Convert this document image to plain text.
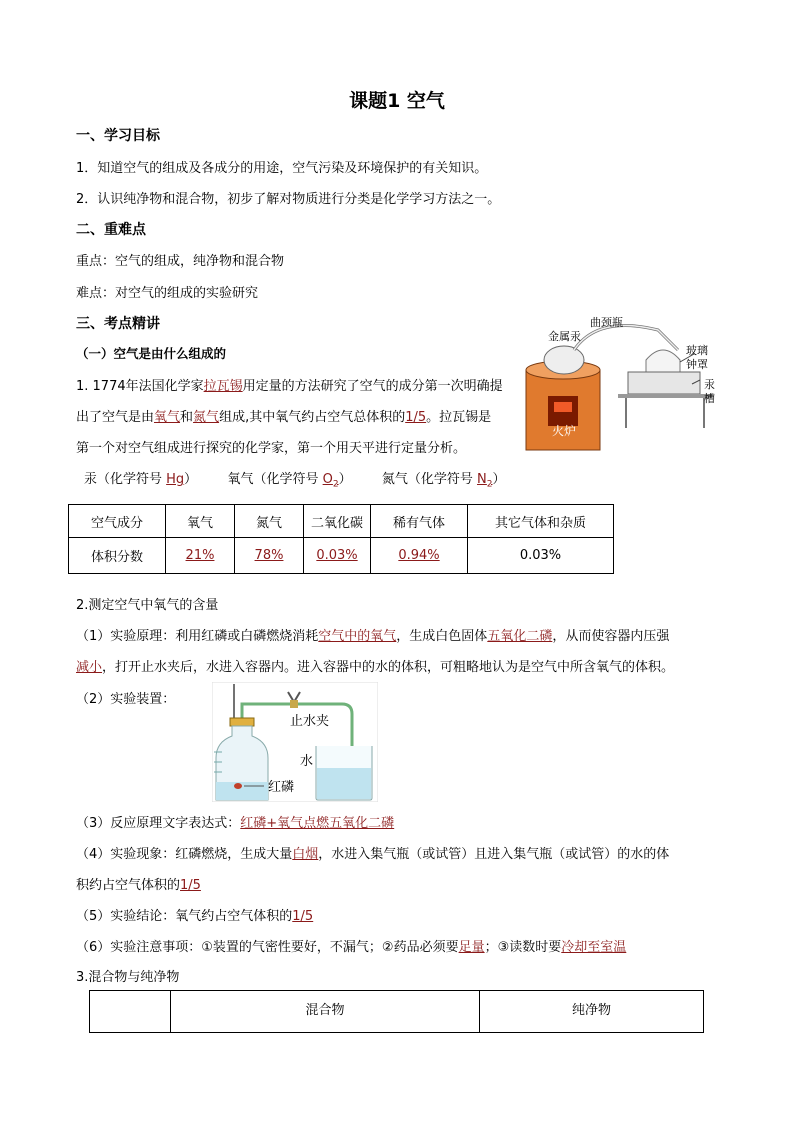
课题1 空气
一、学习目标
1．知道空气的组成及各成分的用途，空气污染及环境保护的有关知识。
2．认识纯净物和混合物，初步了解对物质进行分类是化学学习方法之一。
二、重难点
重点：空气的组成，纯净物和混合物
难点：对空气的组成的实验研究
三、考点精讲
（一）空气是由什么组成的
金属汞
曲颈瓶
玻璃
钟罩
汞
槽
火炉
1. 1774年法国化学家拉瓦锡用定量的方法研究了空气的成分第一次明确提
出了空气是由氧气和氮气组成,其中氧气约占空气总体积的1/5。拉瓦锡是
第一个对空气组成进行探究的化学家，第一个用天平进行定量分析。
汞（化学符号 Hg） 氧气（化学符号 $O_2$） 氮气（化学符号 $N_2$）
空气成分	氧气	氮气	二氧化碳	稀有气体	其它气体和杂质
体积分数	21%	78%	0.03%	0.94%	0.03%
2.测定空气中氧气的含量
（1）实验原理：利用红磷或白磷燃烧消耗空气中的氧气，生成白色固体五氧化二磷，从而使容器内压强
减小，打开止水夹后，水进入容器内。进入容器中的水的体积，可粗略地认为是空气中所含氧气的体积。
（2）实验装置：
止水夹
水
红磷
（3）反应原理文字表达式：红磷+氧气点燃五氧化二磷
（4）实验现象：红磷燃烧，生成大量白烟，水进入集气瓶（或试管）且进入集气瓶（或试管）的水的体
积约占空气体积的1/5
（5）实验结论：氧气约占空气体积的1/5
（6）实验注意事项：①装置的气密性要好，不漏气；②药品必须要足量；③读数时要冷却至室温
3.混合物与纯净物
	混合物	纯净物
